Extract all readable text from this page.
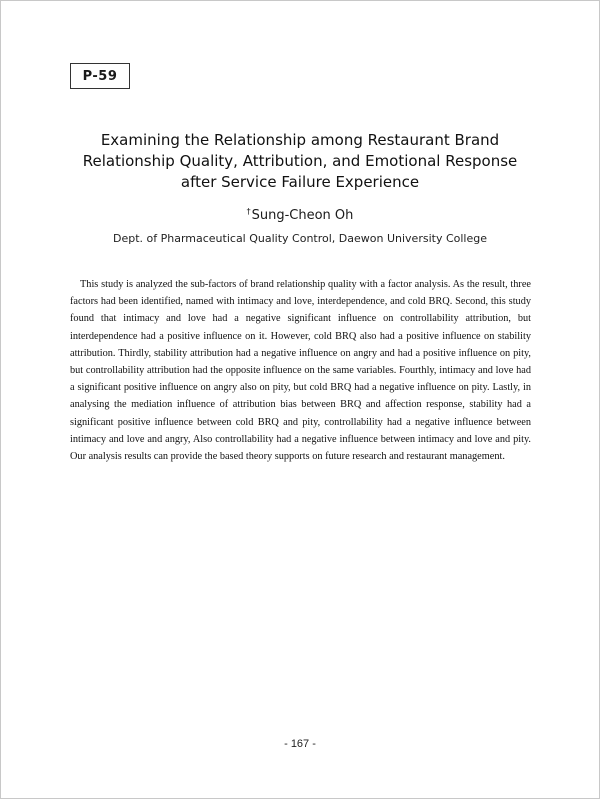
P-59
Examining the Relationship among Restaurant Brand
Relationship Quality, Attribution, and Emotional Response
after Service Failure Experience
†Sung-Cheon Oh
Dept. of Pharmaceutical Quality Control, Daewon University College

This study is analyzed the sub-factors of brand relationship quality with a factor analysis. As the result, three factors had been identified, named with intimacy and love, interdependence, and cold BRQ. Second, this study found that intimacy and love had a negative significant influence on controllability attribution, but interdependence had a positive influence on it. However, cold BRQ also had a positive influence on stability attribution. Thirdly, stability attribution had a negative influence on angry and had a positive influence on pity, but controllability attribution had the opposite influence on the same variables. Fourthly, intimacy and love had a significant positive influence on angry also on pity, but cold BRQ had a negative influence on pity. Lastly, in analysing the mediation influence of attribution bias between BRQ and affection response, stability had a significant positive influence between cold BRQ and pity, controllability had a negative influence between intimacy and love and angry, Also controllability had a negative influence between intimacy and love and pity. Our analysis results can provide the based theory supports on future research and restaurant management.

- 167 -
